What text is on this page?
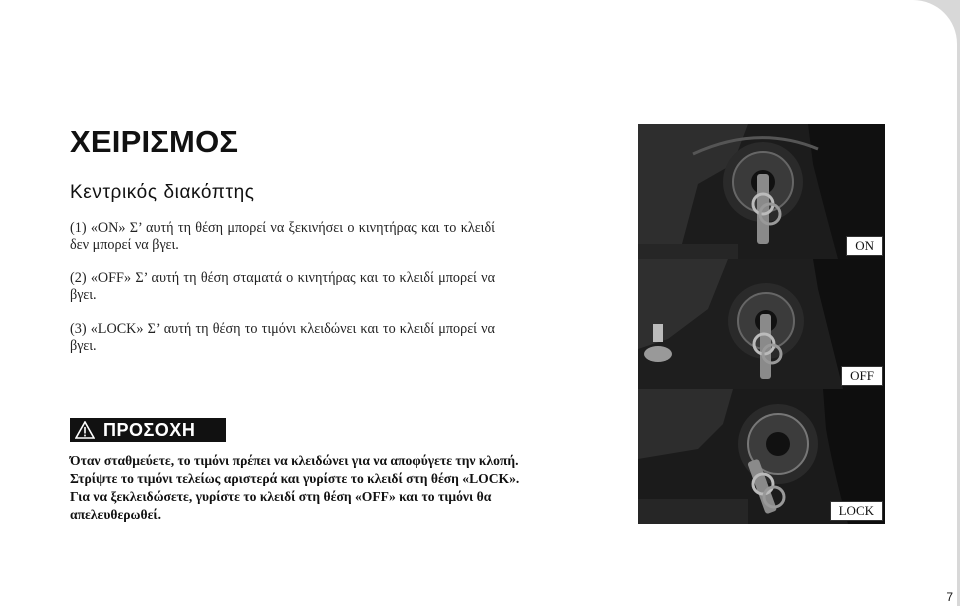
ΧΕΙΡΙΣΜΟΣ
Κεντρικός διακόπτης
(1) «ON» Σ’ αυτή τη θέση μπορεί να ξεκινήσει ο κινητήρας και το κλειδί δεν μπορεί να βγει.
(2) «OFF» Σ’ αυτή τη θέση σταματά ο κινητήρας και το κλειδί μπορεί να βγει.
(3) «LOCK» Σ’ αυτή τη θέση το τιμόνι κλειδώνει και το κλειδί μπορεί να βγει.
ΠΡΟΣΟΧΗ
Όταν σταθμεύετε, το τιμόνι πρέπει να κλειδώνει για να αποφύγετε την κλοπή.
Στρίψτε το τιμόνι τελείως αριστερά και γυρίστε το κλειδί στη θέση «LOCK».
Για να ξεκλειδώσετε, γυρίστε το κλειδί στη θέση «OFF» και το τιμόνι θα απελευθερωθεί.
ON
OFF
LOCK
7
